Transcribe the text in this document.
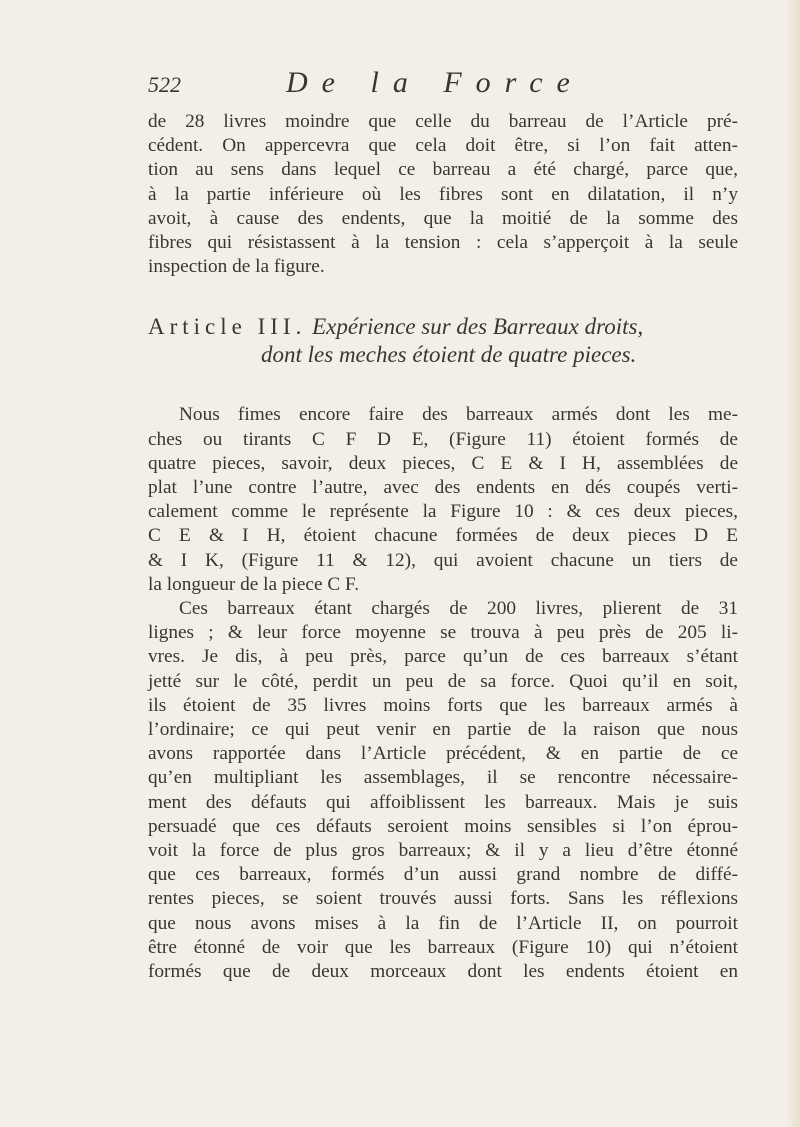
522	De la Force
de 28 livres moindre que celle du barreau de l’Article pré-
cédent. On appercevra que cela doit être, si l’on fait atten-
tion au sens dans lequel ce barreau a été chargé, parce que,
à la partie inférieure où les fibres sont en dilatation, il n’y
avoit, à cause des endents, que la moitié de la somme des
fibres qui résistassent à la tension : cela s’apperçoit à la seule
inspection de la figure.
Article III. Expérience sur des Barreaux droits,
dont les meches étoient de quatre pieces.
Nous fimes encore faire des barreaux armés dont les me-
ches ou tirants C F D E, (Figure 11) étoient formés de
quatre pieces, savoir, deux pieces, C E & I H, assemblées de
plat l’une contre l’autre, avec des endents en dés coupés verti-
calement comme le représente la Figure 10 : & ces deux pieces,
C E & I H, étoient chacune formées de deux pieces D E
& I K, (Figure 11 & 12), qui avoient chacune un tiers de
la longueur de la piece C F.
Ces barreaux étant chargés de 200 livres, plierent de 31
lignes ; & leur force moyenne se trouva à peu près de 205 li-
vres. Je dis, à peu près, parce qu’un de ces barreaux s’étant
jetté sur le côté, perdit un peu de sa force. Quoi qu’il en soit,
ils étoient de 35 livres moins forts que les barreaux armés à
l’ordinaire; ce qui peut venir en partie de la raison que nous
avons rapportée dans l’Article précédent, & en partie de ce
qu’en multipliant les assemblages, il se rencontre nécessaire-
ment des défauts qui affoiblissent les barreaux. Mais je suis
persuadé que ces défauts seroient moins sensibles si l’on éprou-
voit la force de plus gros barreaux; & il y a lieu d’être étonné
que ces barreaux, formés d’un aussi grand nombre de diffé-
rentes pieces, se soient trouvés aussi forts. Sans les réflexions
que nous avons mises à la fin de l’Article II, on pourroit
être étonné de voir que les barreaux (Figure 10) qui n’étoient
formés que de deux morceaux dont les endents étoient en
